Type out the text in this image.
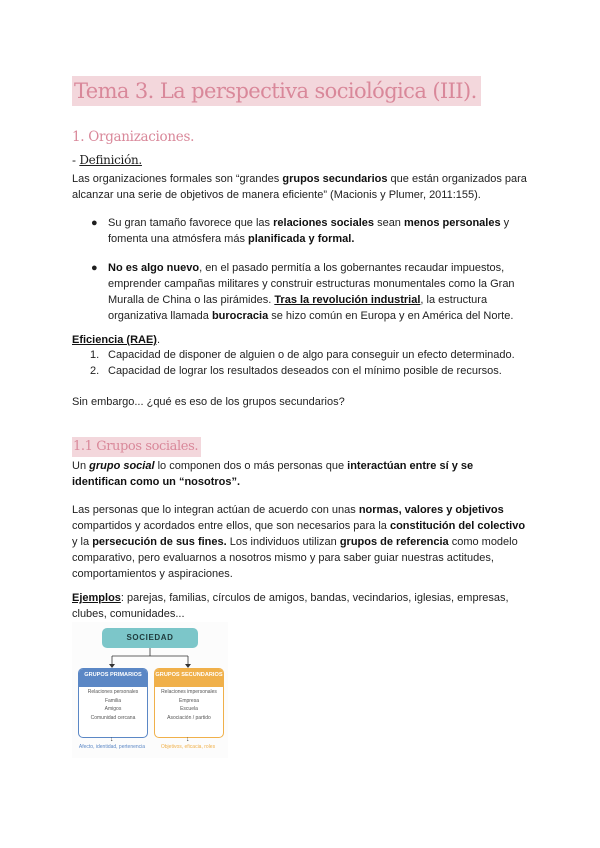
Tema 3. La perspectiva sociológica (III).
1. Organizaciones.
- Definición.
Las organizaciones formales son “grandes grupos secundarios que están organizados para alcanzar una serie de objetivos de manera eficiente” (Macionis y Plumer, 2011:155).
● Su gran tamaño favorece que las relaciones sociales sean menos personales y fomenta una atmósfera más planificada y formal.
● No es algo nuevo, en el pasado permitía a los gobernantes recaudar impuestos, emprender campañas militares y construir estructuras monumentales como la Gran Muralla de China o las pirámides. Tras la revolución industrial, la estructura organizativa llamada burocracia se hizo común en Europa y en América del Norte.
Eficiencia (RAE).
1. Capacidad de disponer de alguien o de algo para conseguir un efecto determinado.
2. Capacidad de lograr los resultados deseados con el mínimo posible de recursos.
Sin embargo... ¿qué es eso de los grupos secundarios?
1.1 Grupos sociales.
Un grupo social lo componen dos o más personas que interactúan entre sí y se identifican como un “nosotros”.
Las personas que lo integran actúan de acuerdo con unas normas, valores y objetivos compartidos y acordados entre ellos, que son necesarios para la constitución del colectivo y la persecución de sus fines. Los individuos utilizan grupos de referencia como modelo comparativo, pero evaluarnos a nosotros mismo y para saber guiar nuestras actitudes, comportamientos y aspiraciones.
Ejemplos: parejas, familias, círculos de amigos, bandas, vecindarios, iglesias, empresas, clubes, comunidades...
SOCIEDAD
GRUPOS PRIMARIOS
Relaciones personales
Familia
Amigos
Comunidad cercana
GRUPOS SECUNDARIOS
Relaciones impersonales
Empresa
Escuela
Asociación / partido
↓	↓
Afecto, identidad, pertenencia	Objetivos, eficacia, roles
